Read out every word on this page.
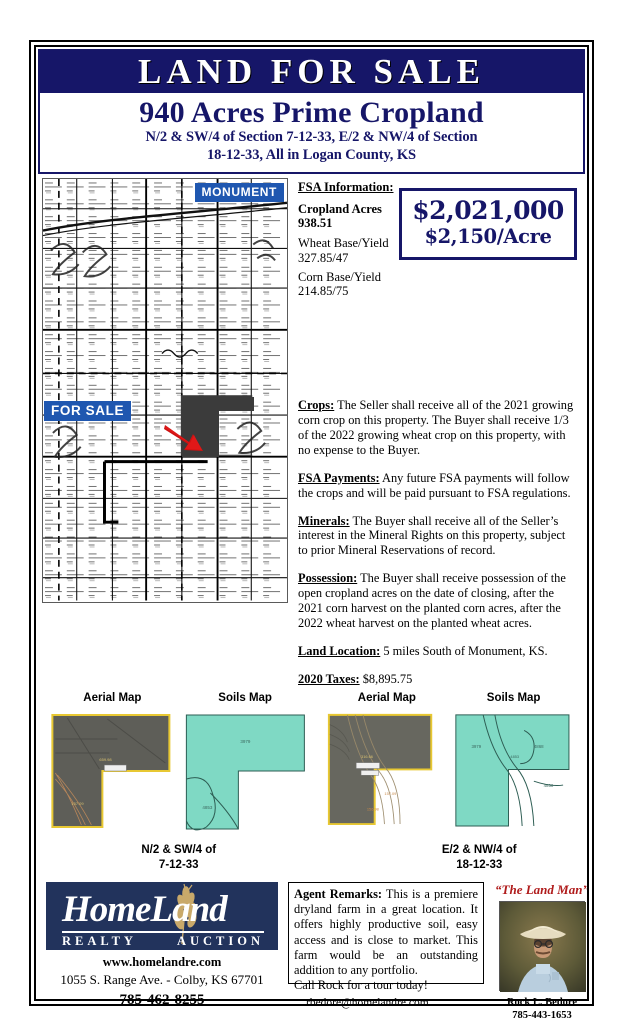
LAND FOR SALE
940 Acres Prime Cropland
N/2 & SW/4 of Section 7-12-33, E/2 & NW/4 of Section
18-12-33, All in Logan County, KS
MONUMENT
FOR SALE
FSA Information:
Cropland Acres
938.51
Wheat Base/Yield
327.85/47
Corn Base/Yield
214.85/75
$2,021,000
$2,150/Acre
Crops: The Seller shall receive all of the 2021 growing corn crop on this property. The Buyer shall receive 1/3 of the 2022 growing wheat crop on this property, with no expense to the Buyer.
FSA Payments: Any future FSA payments will follow the crops and will be paid pursuant to FSA regulations.
Minerals: The Buyer shall receive all of the Seller’s interest in the Mineral Rights on this property, subject to prior Mineral Reservations of record.
Possession: The Buyer shall receive possession of the open cropland acres on the date of closing, after the 2021 corn harvest on the planted corn acres, after the 2022 wheat harvest on the planted wheat acres.
Land Location: 5 miles South of Monument, KS.
2020 Taxes: $8,895.75
Aerial Map	Soils Map
659.98
157.09
3979
4853
N/2 & SW/4 of
7-12-33
Aerial Map	Soils Map
316.66
157.09
156.98
3979	4868
4853
4850
E/2 & NW/4 of
18-12-33
HomeLand
REALTY	AUCTION
www.homelandre.com
1055 S. Range Ave. - Colby, KS 67701
785-462-8255
Agent Remarks: This is a premiere dryland farm in a great location. It offers highly productive soil, easy access and is close to market. This farm would be an outstanding addition to any portfolio.
Call Rock for a tour today!
rbedore@homelandre.com
“The Land Man”
Rock L. Bedore
785-443-1653
